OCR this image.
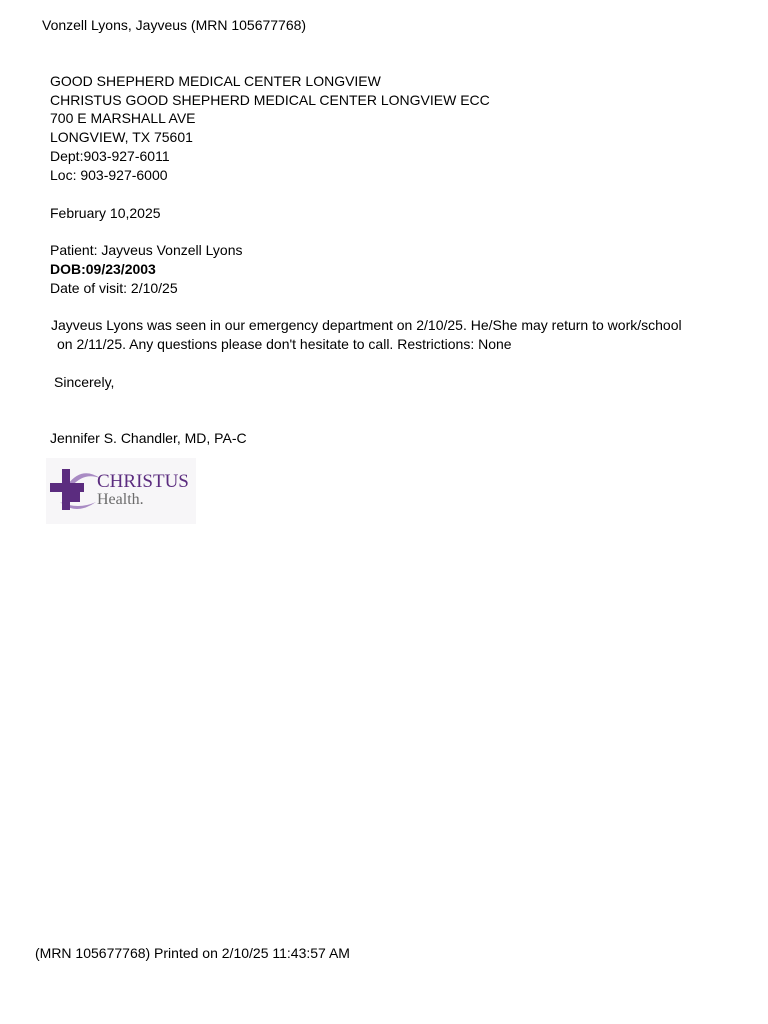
Vonzell Lyons, Jayveus (MRN 105677768)
GOOD SHEPHERD MEDICAL CENTER LONGVIEW
CHRISTUS GOOD SHEPHERD MEDICAL CENTER LONGVIEW ECC
700 E MARSHALL AVE
LONGVIEW, TX 75601
Dept:903-927-6011
Loc: 903-927-6000
February 10,2025
Patient: Jayveus Vonzell Lyons
DOB:09/23/2003
Date of visit: 2/10/25
Jayveus Lyons was seen in our emergency department on 2/10/25. He/She may return to work/school
on 2/11/25. Any questions please don't hesitate to call. Restrictions: None
Sincerely,
Jennifer S. Chandler, MD, PA-C
CHRISTUS
Health.
(MRN 105677768) Printed on 2/10/25 11:43:57 AM
